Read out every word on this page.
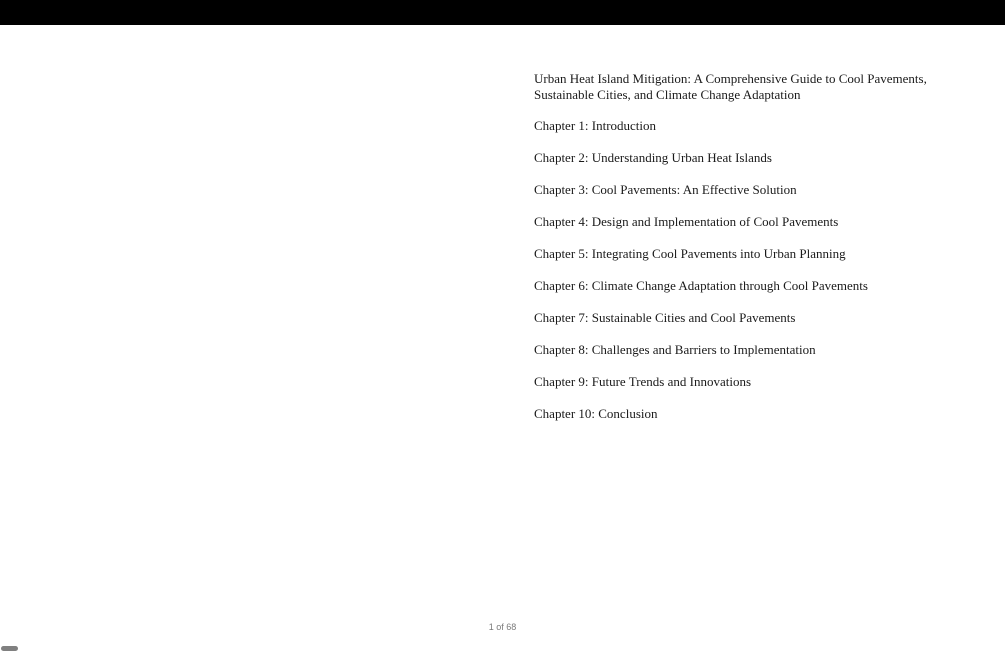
Urban Heat Island Mitigation: A Comprehensive Guide to Cool Pavements, Sustainable Cities, and Climate Change Adaptation
Chapter 1: Introduction
Chapter 2: Understanding Urban Heat Islands
Chapter 3: Cool Pavements: An Effective Solution
Chapter 4: Design and Implementation of Cool Pavements
Chapter 5: Integrating Cool Pavements into Urban Planning
Chapter 6: Climate Change Adaptation through Cool Pavements
Chapter 7: Sustainable Cities and Cool Pavements
Chapter 8: Challenges and Barriers to Implementation
Chapter 9: Future Trends and Innovations
Chapter 10: Conclusion
1 of 68
